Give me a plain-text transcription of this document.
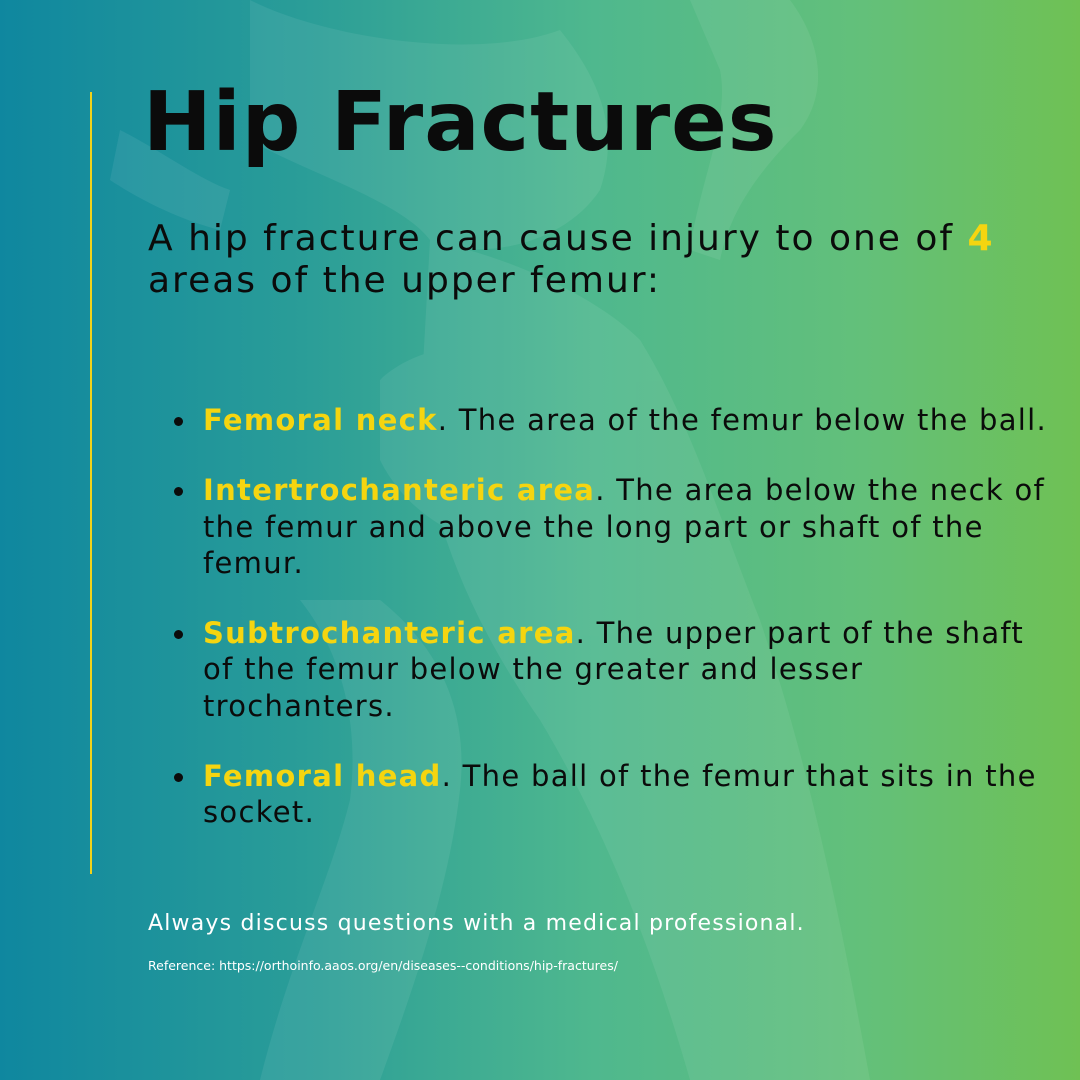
Hip Fractures

A hip fracture can cause injury to one of 4 areas of the upper femur:

Femoral neck. The area of the femur below the ball.
Intertrochanteric area. The area below the neck of the femur and above the long part or shaft of the femur.
Subtrochanteric area. The upper part of the shaft of the femur below the greater and lesser trochanters.
Femoral head. The ball of the femur that sits in the socket.

Always discuss questions with a medical professional.

Reference: https://orthoinfo.aaos.org/en/diseases--conditions/hip-fractures/
